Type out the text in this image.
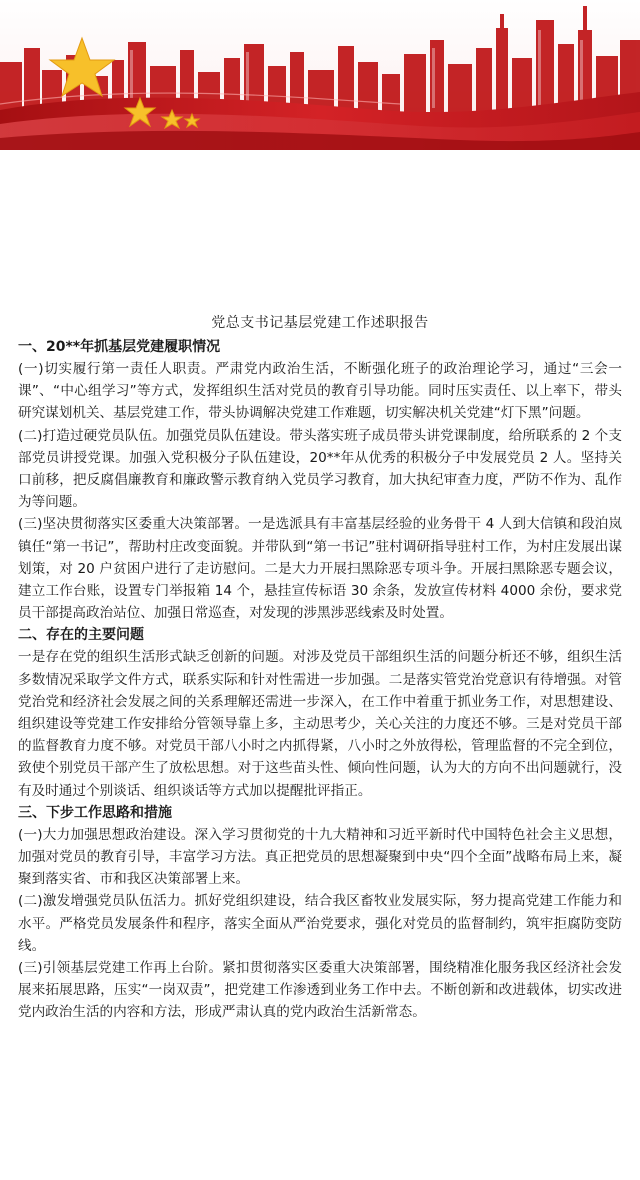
党总支书记基层党建工作述职报告
一、20**年抓基层党建履职情况

(一)切实履行第一责任人职责。严肃党内政治生活，不断强化班子的政治理论学习，通过“三会一课”、“中心组学习”等方式，发挥组织生活对党员的教育引导功能。同时压实责任、以上率下，带头研究谋划机关、基层党建工作，带头协调解决党建工作难题，切实解决机关党建“灯下黑”问题。

(二)打造过硬党员队伍。加强党员队伍建设。带头落实班子成员带头讲党课制度，给所联系的 2 个支部党员讲授党课。加强入党积极分子队伍建设，20**年从优秀的积极分子中发展党员 2 人。坚持关口前移，把反腐倡廉教育和廉政警示教育纳入党员学习教育，加大执纪审查力度，严防不作为、乱作为等问题。

(三)坚决贯彻落实区委重大决策部署。一是选派具有丰富基层经验的业务骨干 4 人到大信镇和段泊岚镇任“第一书记”，帮助村庄改变面貌。并带队到“第一书记”驻村调研指导驻村工作，为村庄发展出谋划策，对 20 户贫困户进行了走访慰问。二是大力开展扫黑除恶专项斗争。开展扫黑除恶专题会议，建立工作台账，设置专门举报箱 14 个，悬挂宣传标语 30 余条，发放宣传材料 4000 余份，要求党员干部提高政治站位、加强日常巡查，对发现的涉黑涉恶线索及时处置。

二、存在的主要问题

一是存在党的组织生活形式缺乏创新的问题。对涉及党员干部组织生活的问题分析还不够，组织生活多数情况采取学文件方式，联系实际和针对性需进一步加强。二是落实管党治党意识有待增强。对管党治党和经济社会发展之间的关系理解还需进一步深入，在工作中着重于抓业务工作，对思想建设、组织建设等党建工作安排给分管领导靠上多，主动思考少，关心关注的力度还不够。三是对党员干部的监督教育力度不够。对党员干部八小时之内抓得紧，八小时之外放得松，管理监督的不完全到位，致使个别党员干部产生了放松思想。对于这些苗头性、倾向性问题，认为大的方向不出问题就行，没有及时通过个别谈话、组织谈话等方式加以提醒批评指正。

三、下步工作思路和措施

(一)大力加强思想政治建设。深入学习贯彻党的十九大精神和习近平新时代中国特色社会主义思想，加强对党员的教育引导，丰富学习方法。真正把党员的思想凝聚到中央“四个全面”战略布局上来，凝聚到落实省、市和我区决策部署上来。

(二)激发增强党员队伍活力。抓好党组织建设，结合我区畜牧业发展实际，努力提高党建工作能力和水平。严格党员发展条件和程序，落实全面从严治党要求，强化对党员的监督制约，筑牢拒腐防变防线。

(三)引领基层党建工作再上台阶。紧扣贯彻落实区委重大决策部署，围绕精准化服务我区经济社会发展来拓展思路，压实“一岗双责”，把党建工作渗透到业务工作中去。不断创新和改进载体，切实改进党内政治生活的内容和方法，形成严肃认真的党内政治生活新常态。
